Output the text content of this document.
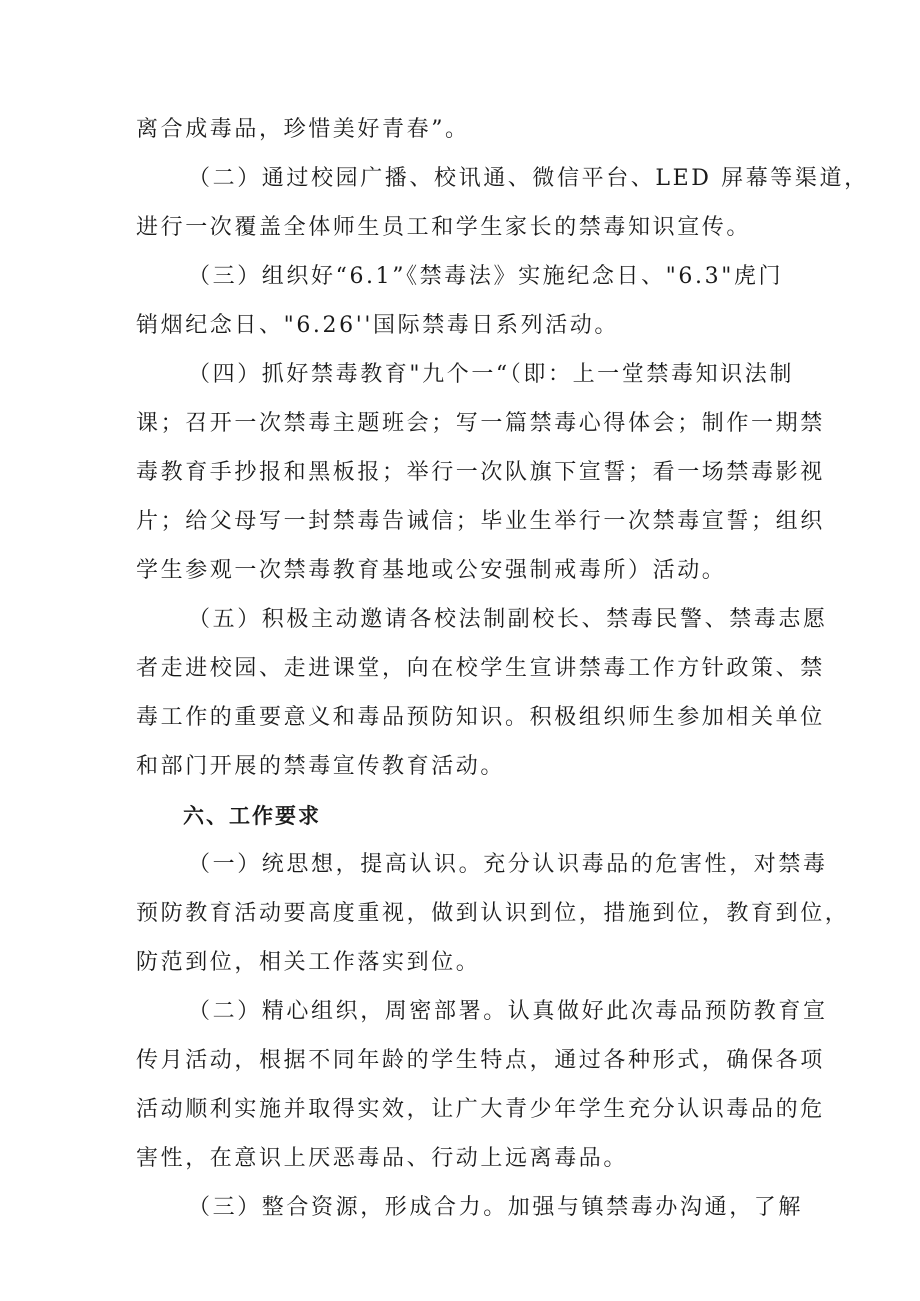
离合成毒品，珍惜美好青春”。
（二）通过校园广播、校讯通、微信平台、LED 屏幕等渠道，
进行一次覆盖全体师生员工和学生家长的禁毒知识宣传。
（三）组织好“6.1”《禁毒法》实施纪念日、"6.3"虎门
销烟纪念日、"6.26''国际禁毒日系列活动。
（四）抓好禁毒教育"九个一“（即：上一堂禁毒知识法制
课；召开一次禁毒主题班会；写一篇禁毒心得体会；制作一期禁
毒教育手抄报和黑板报；举行一次队旗下宣誓；看一场禁毒影视
片；给父母写一封禁毒告诫信；毕业生举行一次禁毒宣誓；组织
学生参观一次禁毒教育基地或公安强制戒毒所）活动。
（五）积极主动邀请各校法制副校长、禁毒民警、禁毒志愿
者走进校园、走进课堂，向在校学生宣讲禁毒工作方针政策、禁
毒工作的重要意义和毒品预防知识。积极组织师生参加相关单位
和部门开展的禁毒宣传教育活动。
六、工作要求
（一）统思想，提高认识。充分认识毒品的危害性，对禁毒
预防教育活动要高度重视，做到认识到位，措施到位，教育到位，
防范到位，相关工作落实到位。
（二）精心组织，周密部署。认真做好此次毒品预防教育宣
传月活动，根据不同年龄的学生特点，通过各种形式，确保各项
活动顺利实施并取得实效，让广大青少年学生充分认识毒品的危
害性，在意识上厌恶毒品、行动上远离毒品。
（三）整合资源，形成合力。加强与镇禁毒办沟通，了解
